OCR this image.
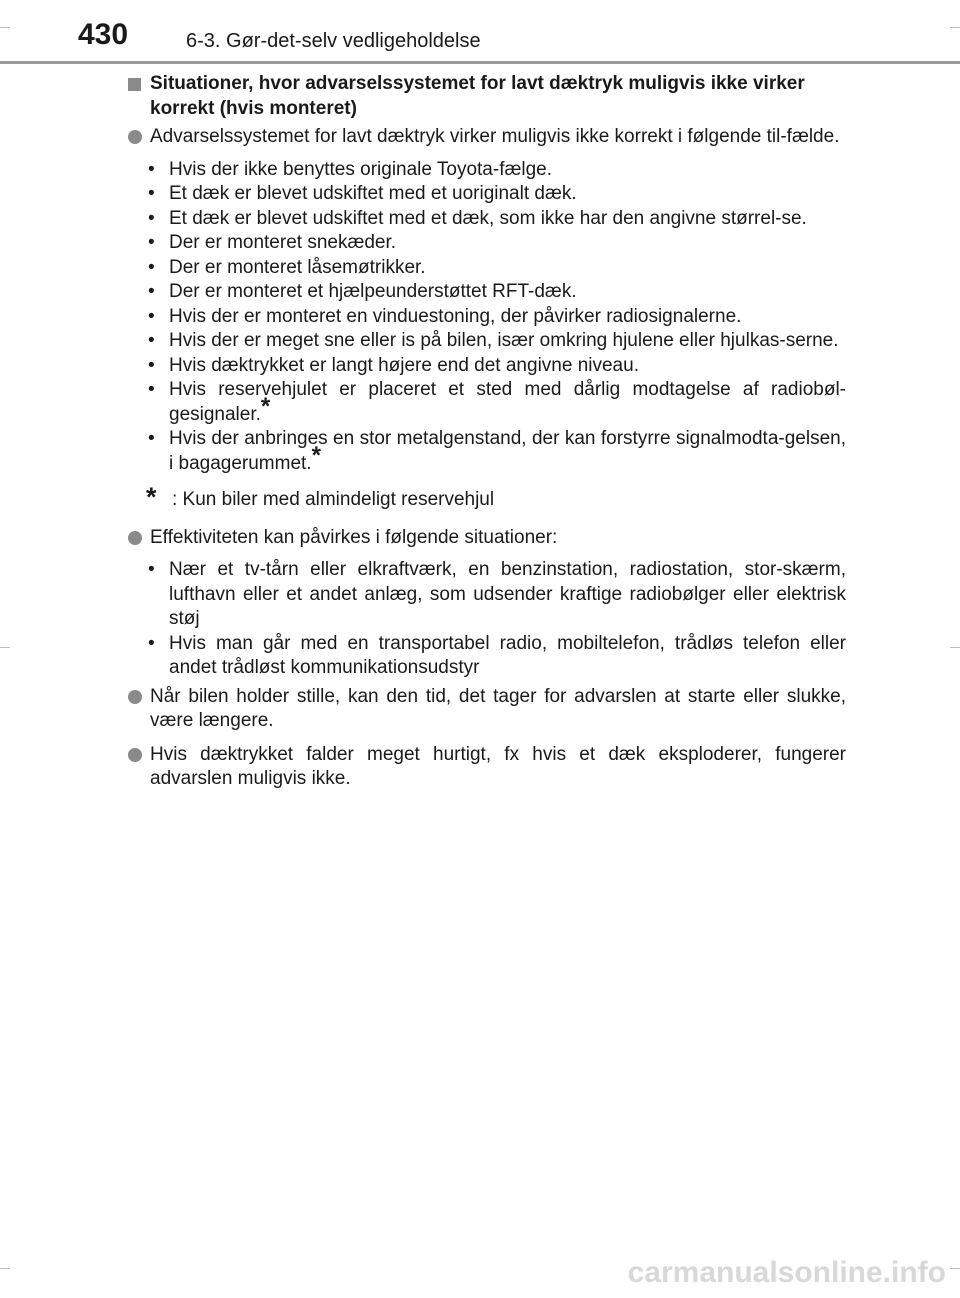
430	6-3. Gør-det-selv vedligeholdelse
Situationer, hvor advarselssystemet for lavt dæktryk muligvis ikke virker korrekt (hvis monteret)
Advarselssystemet for lavt dæktryk virker muligvis ikke korrekt i følgende til-fælde.
• Hvis der ikke benyttes originale Toyota-fælge.
• Et dæk er blevet udskiftet med et uoriginalt dæk.
• Et dæk er blevet udskiftet med et dæk, som ikke har den angivne størrel-se.
• Der er monteret snekæder.
• Der er monteret låsemøtrikker.
• Der er monteret et hjælpeunderstøttet RFT-dæk.
• Hvis der er monteret en vinduestoning, der påvirker radiosignalerne.
• Hvis der er meget sne eller is på bilen, især omkring hjulene eller hjulkas-serne.
• Hvis dæktrykket er langt højere end det angivne niveau.
• Hvis reservehjulet er placeret et sted med dårlig modtagelse af radiobøl-gesignaler.*
• Hvis der anbringes en stor metalgenstand, der kan forstyrre signalmodta-gelsen, i bagagerummet.*
* : Kun biler med almindeligt reservehjul
Effektiviteten kan påvirkes i følgende situationer:
• Nær et tv-tårn eller elkraftværk, en benzinstation, radiostation, stor-skærm, lufthavn eller et andet anlæg, som udsender kraftige radiobølger eller elektrisk støj
• Hvis man går med en transportabel radio, mobiltelefon, trådløs telefon eller andet trådløst kommunikationsudstyr
Når bilen holder stille, kan den tid, det tager for advarslen at starte eller slukke, være længere.
Hvis dæktrykket falder meget hurtigt, fx hvis et dæk eksploderer, fungerer advarslen muligvis ikke.
carmanualsonline.info
